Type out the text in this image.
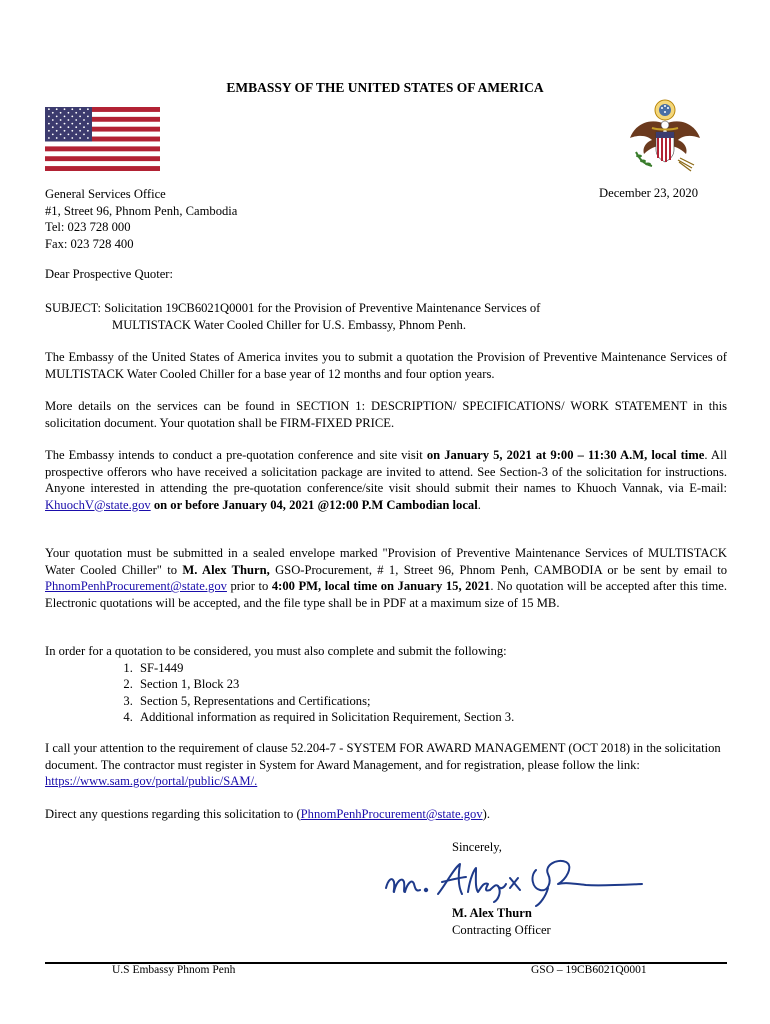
EMBASSY OF THE UNITED STATES OF AMERICA
General Services Office
#1, Street 96, Phnom Penh, Cambodia
Tel: 023 728 000
Fax: 023 728 400
December 23, 2020
Dear Prospective Quoter:
SUBJECT: Solicitation 19CB6021Q0001 for the Provision of Preventive Maintenance Services of
MULTISTACK Water Cooled Chiller for U.S. Embassy, Phnom Penh.
The Embassy of the United States of America invites you to submit a quotation the Provision of Preventive Maintenance Services of MULTISTACK Water Cooled Chiller for a base year of 12 months and four option years.
More details on the services can be found in SECTION 1: DESCRIPTION/ SPECIFICATIONS/ WORK STATEMENT in this solicitation document. Your quotation shall be FIRM-FIXED PRICE.
The Embassy intends to conduct a pre-quotation conference and site visit on January 5, 2021 at 9:00 – 11:30 A.M, local time. All prospective offerors who have received a solicitation package are invited to attend. See Section-3 of the solicitation for instructions. Anyone interested in attending the pre-quotation conference/site visit should submit their names to Khuoch Vannak, via E-mail: KhuochV@state.gov on or before January 04, 2021 @12:00 P.M Cambodian local.
Your quotation must be submitted in a sealed envelope marked "Provision of Preventive Maintenance Services of MULTISTACK Water Cooled Chiller" to M. Alex Thurn, GSO-Procurement, # 1, Street 96, Phnom Penh, CAMBODIA or be sent by email to PhnomPenhProcurement@state.gov prior to 4:00 PM, local time on January 15, 2021. No quotation will be accepted after this time. Electronic quotations will be accepted, and the file type shall be in PDF at a maximum size of 15 MB.
In order for a quotation to be considered, you must also complete and submit the following:
1. SF-1449
2. Section 1, Block 23
3. Section 5, Representations and Certifications;
4. Additional information as required in Solicitation Requirement, Section 3.
I call your attention to the requirement of clause 52.204-7 - SYSTEM FOR AWARD MANAGEMENT (OCT 2018) in the solicitation document. The contractor must register in System for Award Management, and for registration, please follow the link: https://www.sam.gov/portal/public/SAM/.
Direct any questions regarding this solicitation to (PhnomPenhProcurement@state.gov).
Sincerely,
M. Alex Thurn
Contracting Officer
U.S Embassy Phnom Penh	GSO – 19CB6021Q0001
